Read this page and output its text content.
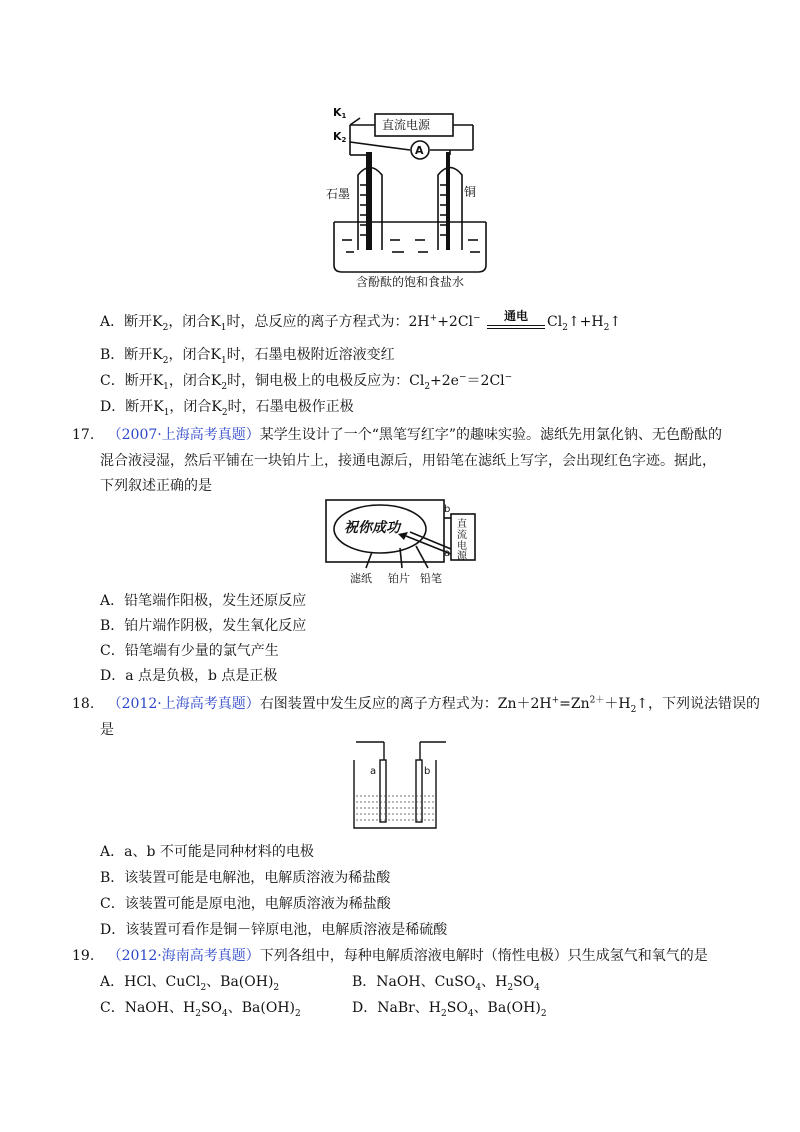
K1
K2
直流电源
A
石墨	铜
含酚酞的饱和食盐水
A．断开$K_2$，闭合$K_1$时，总反应的离子方程式为：2H++2Cl− 通电 $Cl_2↑+H_2↑$
B．断开$K_2$，闭合$K_1$时，石墨电极附近溶液变红
C．断开$K_1$，闭合$K_2$时，铜电极上的电极反应为：$Cl_2+2e^-=2Cl^-$
D．断开$K_1$，闭合$K_2$时，石墨电极作正极
17. （2007·上海高考真题）某学生设计了一个“黑笔写红字”的趣味实验。滤纸先用氯化钠、无色酚酞的
混合液浸湿，然后平铺在一块铂片上，接通电源后，用铅笔在滤纸上写字，会出现红色字迹。据此，
下列叙述正确的是
祝你成功
b
a
直
流
电
源
滤纸 铂片 铅笔
A．铅笔端作阳极，发生还原反应
B．铂片端作阴极，发生氧化反应
C．铅笔端有少量的氯气产生
D．a 点是负极，b 点是正极
18. （2012·上海高考真题）右图装置中发生反应的离子方程式为：$Zn+2H^+=Zn^{2+}+H_2↑$，下列说法错误的
是
a	b
A．a、b 不可能是同种材料的电极
B．该装置可能是电解池，电解质溶液为稀盐酸
C．该装置可能是原电池，电解质溶液为稀盐酸
D．该装置可看作是铜－锌原电池，电解质溶液是稀硫酸
19. （2012·海南高考真题）下列各组中，每种电解质溶液电解时（惰性电极）只生成氢气和氧气的是
A．HCl、CuCl$_2$、$Ba(OH)_2$	B．NaOH、CuSO$_4$、$H_2SO_4$
C．NaOH、$H_2SO_4$、$Ba(OH)_2$	D．NaBr、$H_2SO_4$、$Ba(OH)_2$
